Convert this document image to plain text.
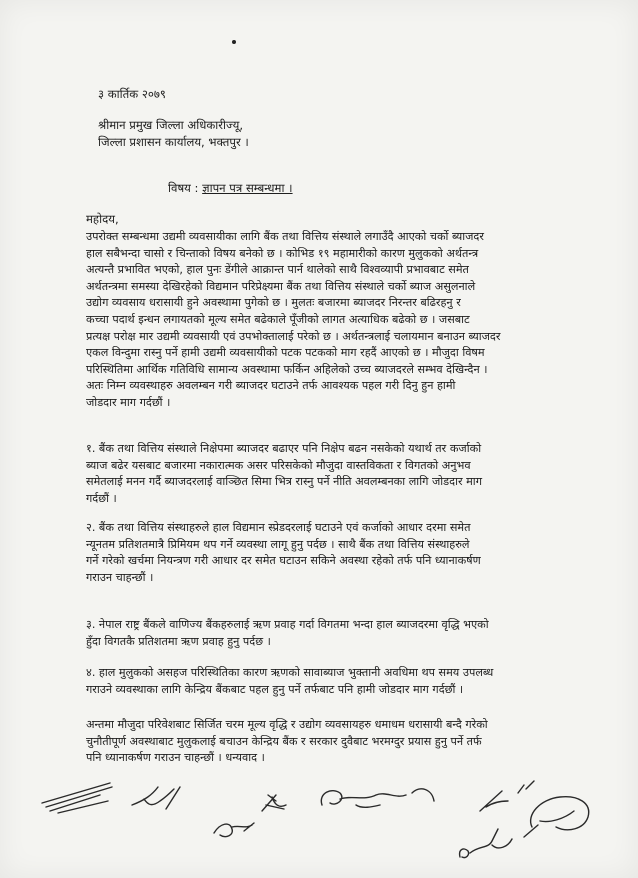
३ कार्तिक २०७९
श्रीमान प्रमुख जिल्ला अधिकारीज्यू,
जिल्ला प्रशासन कार्यालय, भक्तपुर ।
विषय : ज्ञापन पत्र सम्बन्धमा ।
महोदय,
उपरोक्त सम्बन्धमा उद्यमी व्यवसायीका लागि बैंक तथा वित्तिय संस्थाले लगाउँदै आएको चर्को ब्याजदर
हाल सबैभन्दा चासो र चिन्ताको विषय बनेको छ । कोभिड १९ महामारीको कारण मुलुकको अर्थतन्त्र
अत्यन्तै प्रभावित भएको, हाल पुनः डेंगीले आक्रान्त पार्न थालेको साथै विश्वव्यापी प्रभावबाट समेत
अर्थतन्त्रमा समस्या देखिरहेको विद्यमान परिप्रेक्ष्यमा बैंक तथा वित्तिय संस्थाले चर्को ब्याज असुलनाले
उद्योग व्यवसाय धरासायी हुने अवस्थामा पुगेको छ । मुलतः बजारमा ब्याजदर निरन्तर बढिरहनु र
कच्चा पदार्थ इन्धन लगायतको मूल्य समेत बढेकाले पूँजीको लागत अत्याधिक बढेको छ । जसबाट
प्रत्यक्ष परोक्ष मार उद्यमी व्यवसायी एवं उपभोक्तालाई परेको छ । अर्थतन्त्रलाई चलायमान बनाउन ब्याजदर
एकल विन्दुमा रास्नु पर्ने हामी उद्यमी व्यवसायीको पटक पटकको माग रहदैं आएको छ । मौजुदा विषम
परिस्थितिमा आर्थिक गतिविधि सामान्य अवस्थामा फर्किन अहिलेको उच्च ब्याजदरले सम्भव देखिन्दैन ।
अतः निम्न व्यवस्थाहरु अवलम्बन गरी ब्याजदर घटाउने तर्फ आवश्यक पहल गरी दिनु हुन हामी
जोडदार माग गर्दछौं ।
१. बैंक तथा वित्तिय संस्थाले निक्षेपमा ब्याजदर बढाएर पनि निक्षेप बढन नसकेको यथार्थ तर कर्जाको
ब्याज बढेर यसबाट बजारमा नकारात्मक असर परिसकेको मौजुदा वास्तविकता र विगतको अनुभव
समेतलाई मनन गर्दै ब्याजदरलाई वाञ्छित सिमा भित्र रास्नु पर्ने नीति अवलम्बनका लागि जोडदार माग
गर्दछौं ।
२. बैंक तथा वित्तिय संस्थाहरुले हाल विद्यमान स्प्रेडदरलाई घटाउने एवं कर्जाको आधार दरमा समेत
न्यूनतम प्रतिशतमात्रै प्रिमियम थप गर्ने व्यवस्था लागू हुनु पर्दछ । साथै बैंक तथा वित्तिय संस्थाहरुले
गर्ने गरेको खर्चमा नियन्त्रण गरी आधार दर समेत घटाउन सकिने अवस्था रहेको तर्फ पनि ध्यानाकर्षण
गराउन चाहन्छौं ।
३. नेपाल राष्ट्र बैंकले वाणिज्य बैंकहरुलाई ऋण प्रवाह गर्दा विगतमा भन्दा हाल ब्याजदरमा वृद्धि भएको
हुँदा विगतकै प्रतिशतमा ऋण प्रवाह हुनु पर्दछ ।
४. हाल मुलुकको असहज परिस्थितिका कारण ऋणको सावाब्याज भुक्तानी अवधिमा थप समय उपलब्ध
गराउने व्यवस्थाका लागि केन्द्रिय बैंकबाट पहल हुनु पर्ने तर्फबाट पनि हामी जोडदार माग गर्दछौं ।
अन्तमा मौजुदा परिवेशबाट सिर्जित चरम मूल्य वृद्धि र उद्योग व्यवसायहरु धमाधम धरासायी बन्दै गरेको
चुनौतीपूर्ण अवस्थाबाट मुलुकलाई बचाउन केन्द्रिय बैंक र सरकार दुवैबाट भरमग्दुर प्रयास हुनु पर्ने तर्फ
पनि ध्यानाकर्षण गराउन चाहन्छौं । धन्यवाद ।
